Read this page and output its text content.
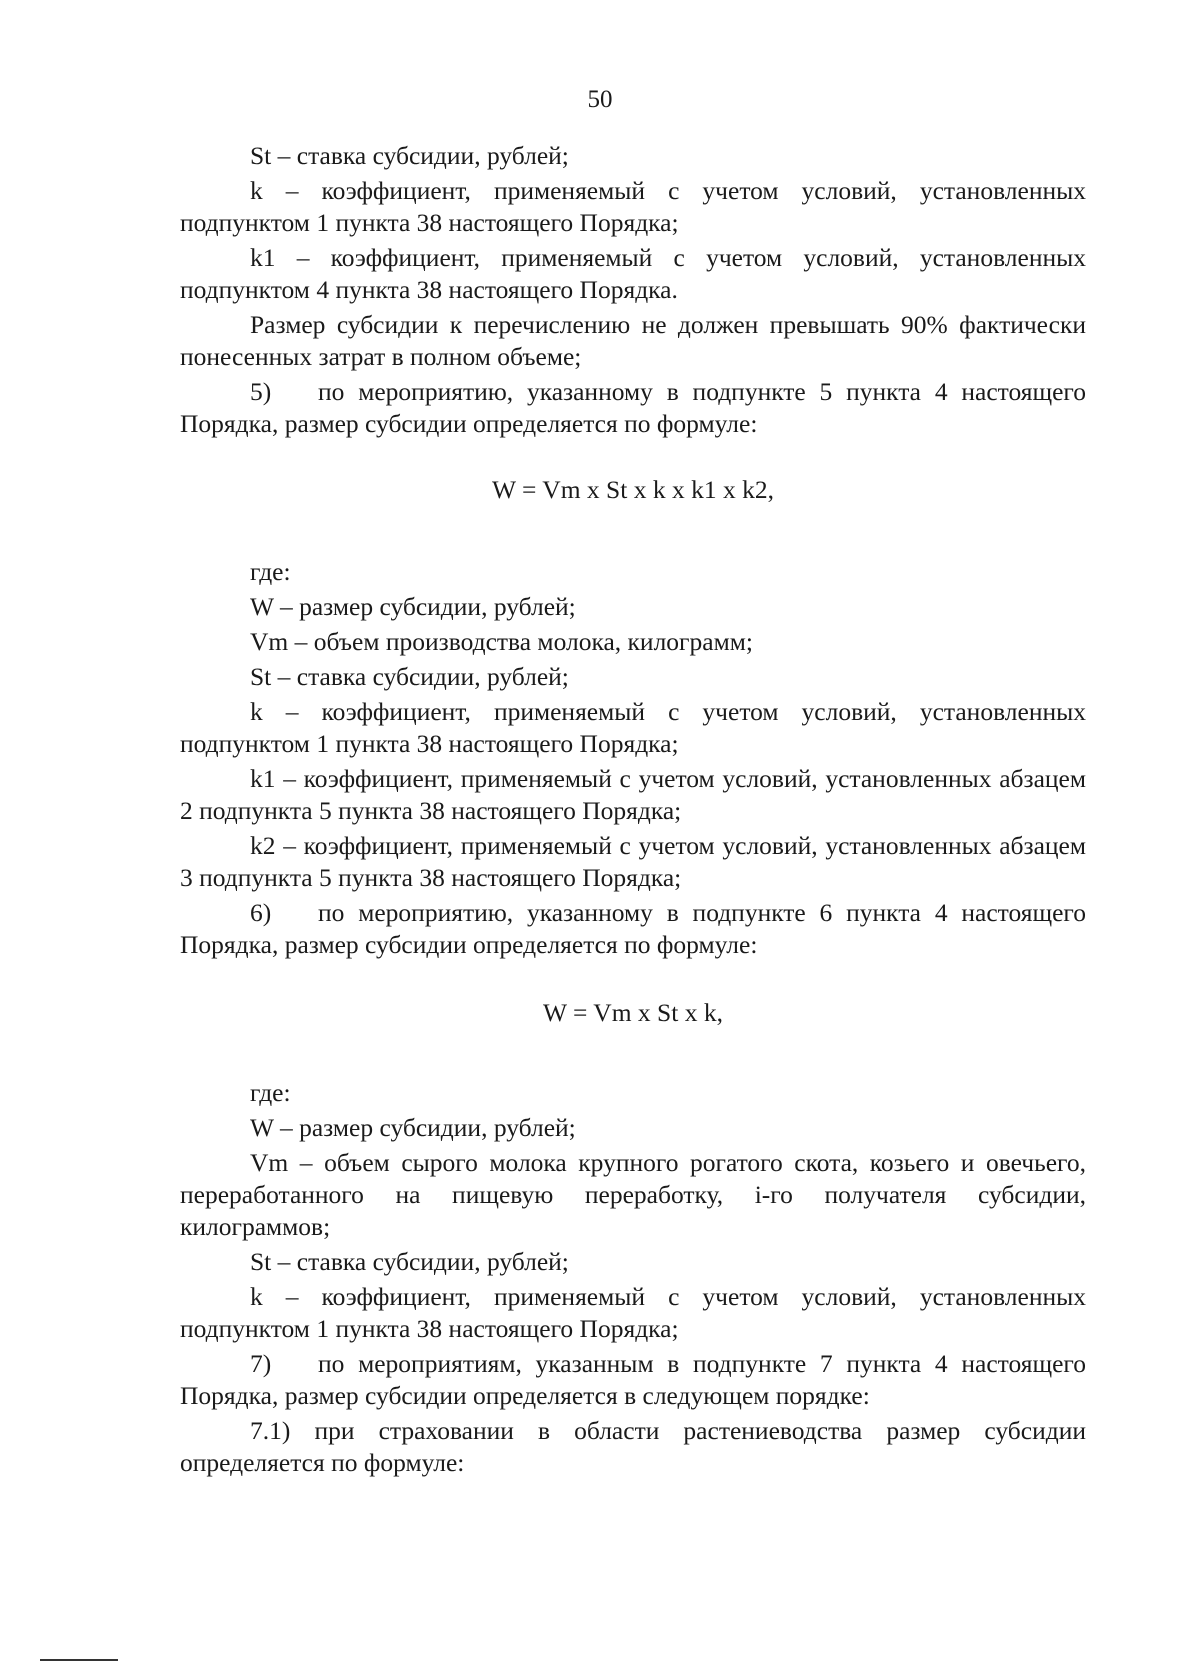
50

St – ставка субсидии, рублей;

k – коэффициент, применяемый с учетом условий, установленных подпунктом 1 пункта 38 настоящего Порядка;

k1 – коэффициент, применяемый с учетом условий, установленных подпунктом 4 пункта 38 настоящего Порядка.

Размер субсидии к перечислению не должен превышать 90% фактически понесенных затрат в полном объеме;

5) по мероприятию, указанному в подпункте 5 пункта 4 настоящего Порядка, размер субсидии определяется по формуле:

W = Vm x St x k x k1 x k2,

где:

W – размер субсидии, рублей;

Vm – объем производства молока, килограмм;

St – ставка субсидии, рублей;

k – коэффициент, применяемый с учетом условий, установленных подпунктом 1 пункта 38 настоящего Порядка;

k1 – коэффициент, применяемый с учетом условий, установленных абзацем 2 подпункта 5 пункта 38 настоящего Порядка;

k2 – коэффициент, применяемый с учетом условий, установленных абзацем 3 подпункта 5 пункта 38 настоящего Порядка;

6) по мероприятию, указанному в подпункте 6 пункта 4 настоящего Порядка, размер субсидии определяется по формуле:

W = Vm x St x k,

где:

W – размер субсидии, рублей;

Vm – объем сырого молока крупного рогатого скота, козьего и овечьего, переработанного на пищевую переработку, i-го получателя субсидии, килограммов;

St – ставка субсидии, рублей;

k – коэффициент, применяемый с учетом условий, установленных подпунктом 1 пункта 38 настоящего Порядка;

7) по мероприятиям, указанным в подпункте 7 пункта 4 настоящего Порядка, размер субсидии определяется в следующем порядке:

7.1) при страховании в области растениеводства размер субсидии определяется по формуле:
